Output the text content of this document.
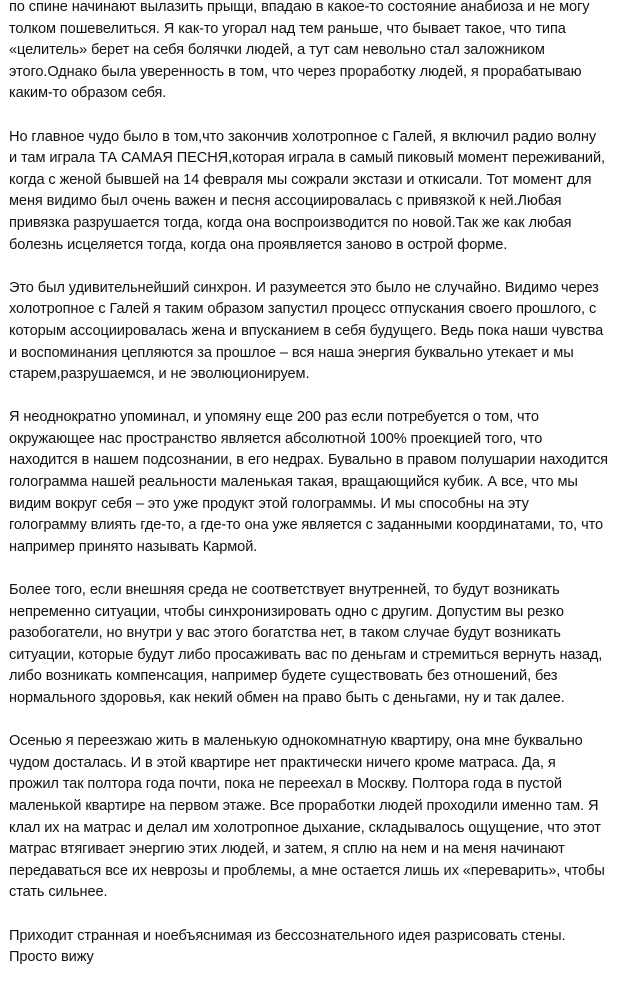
по спине начинают вылазить прыщи, впадаю в какое-то состояние анабиоза и не могу толком пошевелиться. Я как-то угорал над тем раньше, что бывает такое, что типа «целитель» берет на себя болячки людей, а тут сам невольно стал заложником этого.Однако была уверенность в том, что через проработку людей, я прорабатываю каким-то образом себя.

Но главное чудо было в том,что закончив холотропное с Галей, я включил радио волну и там играла ТА САМАЯ ПЕСНЯ,которая играла в самый пиковый момент переживаний, когда с женой бывшей на 14 февраля мы сожрали экстази и откисали. Тот момент для меня видимо был очень важен и песня ассоциировалась с привязкой к ней.Любая привязка разрушается тогда, когда она воспроизводится по новой.Так же как любая болезнь исцеляется тогда, когда она проявляется заново в острой форме.

Это был удивительнейший синхрон. И разумеется это было не случайно. Видимо через холотропное с Галей я таким образом запустил процесс отпускания своего прошлого, с которым ассоциировалась жена и впусканием в себя будущего. Ведь пока наши чувства и воспоминания цепляются за прошлое – вся наша энергия буквально утекает и мы старем,разрушаемся, и не эволюционируем.

Я неоднократно упоминал, и упомяну еще 200 раз если потребуется о том, что окружающее нас пространство является абсолютной 100% проекцией того, что находится в нашем подсознании, в его недрах. Бувально в правом полушарии находится голограмма нашей реальности маленькая такая, вращающийся кубик. А все, что мы видим вокруг себя – это уже продукт этой голограммы. И мы способны на эту голограмму влиять где-то, а где-то она уже является с заданными координатами, то, что например принято называть Кармой.

Более того, если внешняя среда не соответствует внутренней, то будут возникать непременно ситуации, чтобы синхронизировать одно с другим. Допустим вы резко разобогатели, но внутри у вас этого богатства нет, в таком случае будут возникать ситуации, которые будут либо просаживать вас по деньгам и стремиться вернуть назад, либо возникать компенсация, например будете существовать без отношений, без нормального здоровья, как некий обмен на право быть с деньгами, ну и так далее.

Осенью я переезжаю жить в маленькую однокомнатную квартиру, она мне буквально чудом досталась. И в этой квартире нет практически ничего кроме матраса. Да, я прожил так полтора года почти, пока не переехал в Москву. Полтора года в пустой маленькой квартире на первом этаже. Все проработки людей проходили именно там. Я клал их на матрас и делал им холотропное дыхание, складывалось ощущение, что этот матрас втягивает энергию этих людей, и затем, я сплю на нем и на меня начинают передаваться все их неврозы и проблемы, а мне остается лишь их «переварить», чтобы стать сильнее.

Приходит странная и ноебъяснимая из бессознательного идея разрисовать стены. Просто вижу
